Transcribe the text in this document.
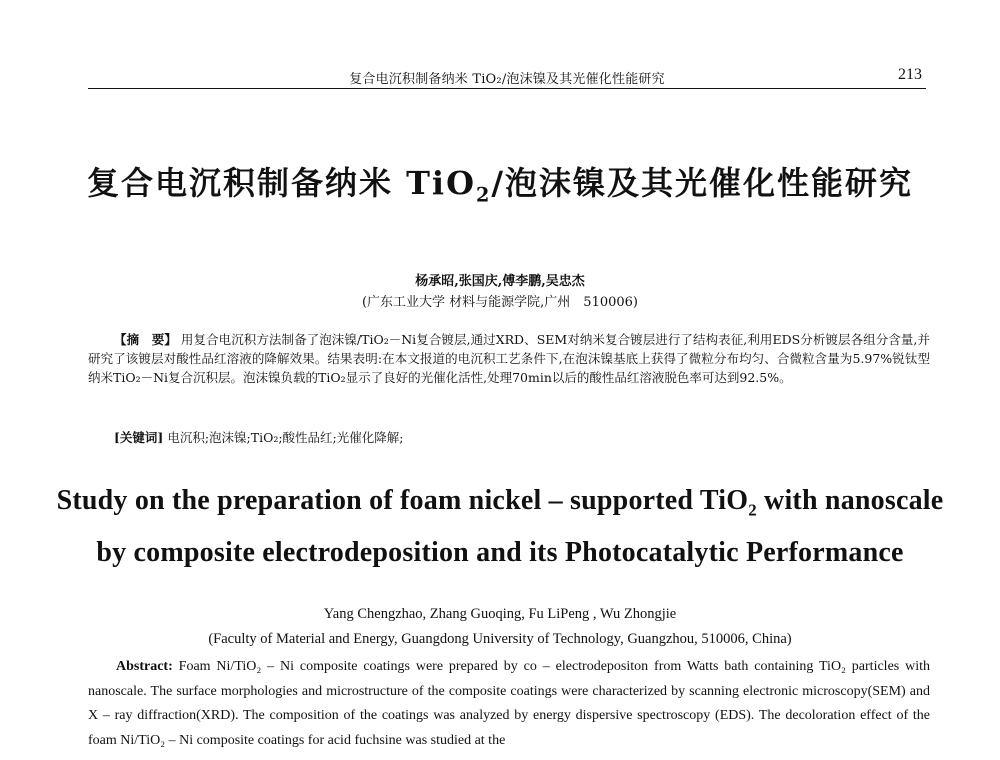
复合电沉积制备纳米 TiO₂/泡沫镍及其光催化性能研究	213
复合电沉积制备纳米 TiO$_2$/泡沫镍及其光催化性能研究
杨承昭,张国庆,傅李鹏,吴忠杰
(广东工业大学 材料与能源学院,广州　510006)
【摘　要】 用复合电沉积方法制备了泡沫镍/TiO₂－Ni复合镀层,通过XRD、SEM对纳米复合镀层进行了结构表征,利用EDS分析镀层各组分含量,并研究了该镀层对酸性品红溶液的降解效果。结果表明:在本文报道的电沉积工艺条件下,在泡沫镍基底上获得了微粒分布均匀、合微粒含量为5.97%锐钛型纳米TiO₂－Ni复合沉积层。泡沫镍负载的TiO₂显示了良好的光催化活性,处理70min以后的酸性品红溶液脱色率可达到92.5%。
[关键词] 电沉积;泡沫镍;TiO₂;酸性品红;光催化降解;
Study on the preparation of foam nickel – supported TiO$_2$ with nanoscale
by composite electrodeposition and its Photocatalytic Performance
Yang Chengzhao, Zhang Guoqing, Fu LiPeng , Wu Zhongjie
(Faculty of Material and Energy, Guangdong University of Technology, Guangzhou, 510006, China)
Abstract: Foam Ni/TiO₂ – Ni composite coatings were prepared by co – electrodepositon from Watts bath containing TiO₂ particles with nanoscale. The surface morphologies and microstructure of the composite coatings were characterized by scanning electronic microscopy(SEM) and X – ray diffraction(XRD). The composition of the coatings was analyzed by energy dispersive spectroscopy (EDS). The decoloration effect of the foam Ni/TiO₂ – Ni composite coatings for acid fuchsine was studied at the
